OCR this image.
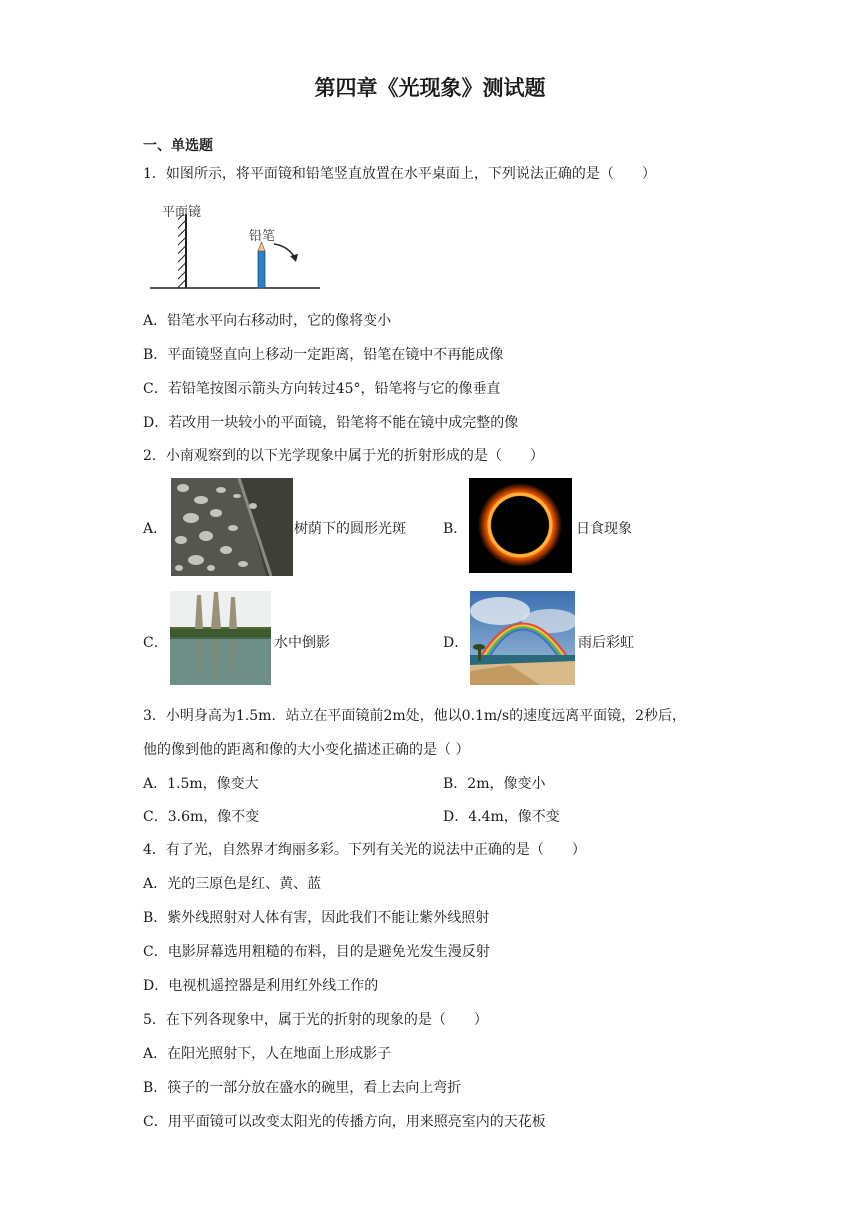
第四章《光现象》测试题
一、单选题
1．如图所示，将平面镜和铅笔竖直放置在水平桌面上，下列说法正确的是（　　）
平面镜
铅笔
A．铅笔水平向右移动时，它的像将变小
B．平面镜竖直向上移动一定距离，铅笔在镜中不再能成像
C．若铅笔按图示箭头方向转过45°，铅笔将与它的像垂直
D．若改用一块较小的平面镜，铅笔将不能在镜中成完整的像
2．小南观察到的以下光学现象中属于光的折射形成的是（　　）
A．	树荫下的圆形光斑	B．	日食现象
C．	水中倒影	D．	雨后彩虹
3．小明身高为1.5m．站立在平面镜前2m处，他以0.1m/s的速度远离平面镜，2秒后，
他的像到他的距离和像的大小变化描述正确的是（ ）
A．1.5m，像变大	B．2m，像变小
C．3.6m，像不变	D．4.4m，像不变
4．有了光，自然界才绚丽多彩。下列有关光的说法中正确的是（　　）
A．光的三原色是红、黄、蓝
B．紫外线照射对人体有害，因此我们不能让紫外线照射
C．电影屏幕选用粗糙的布料，目的是避免光发生漫反射
D．电视机遥控器是利用红外线工作的
5．在下列各现象中，属于光的折射的现象的是（　　）
A．在阳光照射下，人在地面上形成影子
B．筷子的一部分放在盛水的碗里，看上去向上弯折
C．用平面镜可以改变太阳光的传播方向，用来照亮室内的天花板
